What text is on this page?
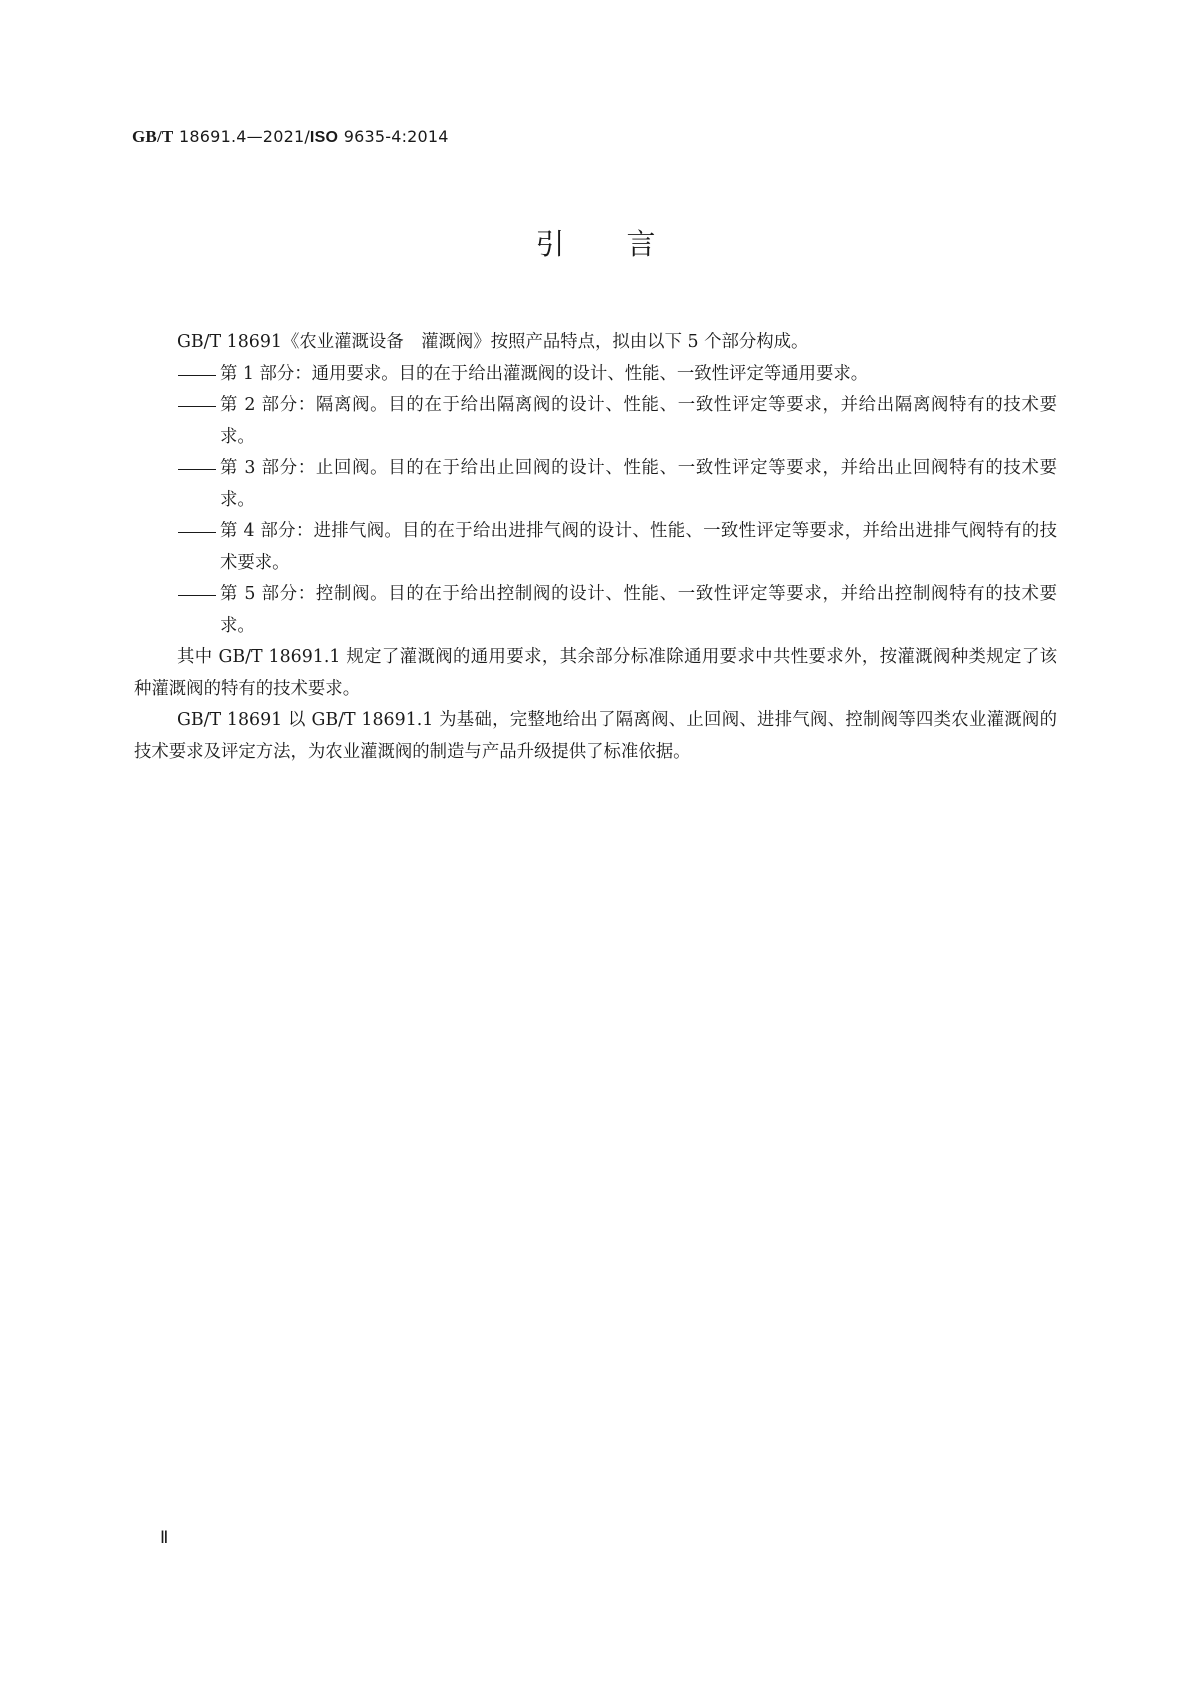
GB/T 18691.4—2021/ISO 9635-4:2014
引言

GB/T 18691《农业灌溉设备　灌溉阀》按照产品特点，拟由以下 5 个部分构成。

第 1 部分：通用要求。目的在于给出灌溉阀的设计、性能、一致性评定等通用要求。
第 2 部分：隔离阀。目的在于给出隔离阀的设计、性能、一致性评定等要求，并给出隔离阀特有的技术要求。
第 3 部分：止回阀。目的在于给出止回阀的设计、性能、一致性评定等要求，并给出止回阀特有的技术要求。
第 4 部分：进排气阀。目的在于给出进排气阀的设计、性能、一致性评定等要求，并给出进排气阀特有的技术要求。
第 5 部分：控制阀。目的在于给出控制阀的设计、性能、一致性评定等要求，并给出控制阀特有的技术要求。

其中 GB/T 18691.1 规定了灌溉阀的通用要求，其余部分标准除通用要求中共性要求外，按灌溉阀种类规定了该种灌溉阀的特有的技术要求。

GB/T 18691 以 GB/T 18691.1 为基础，完整地给出了隔离阀、止回阀、进排气阀、控制阀等四类农业灌溉阀的技术要求及评定方法，为农业灌溉阀的制造与产品升级提供了标准依据。

Ⅱ
